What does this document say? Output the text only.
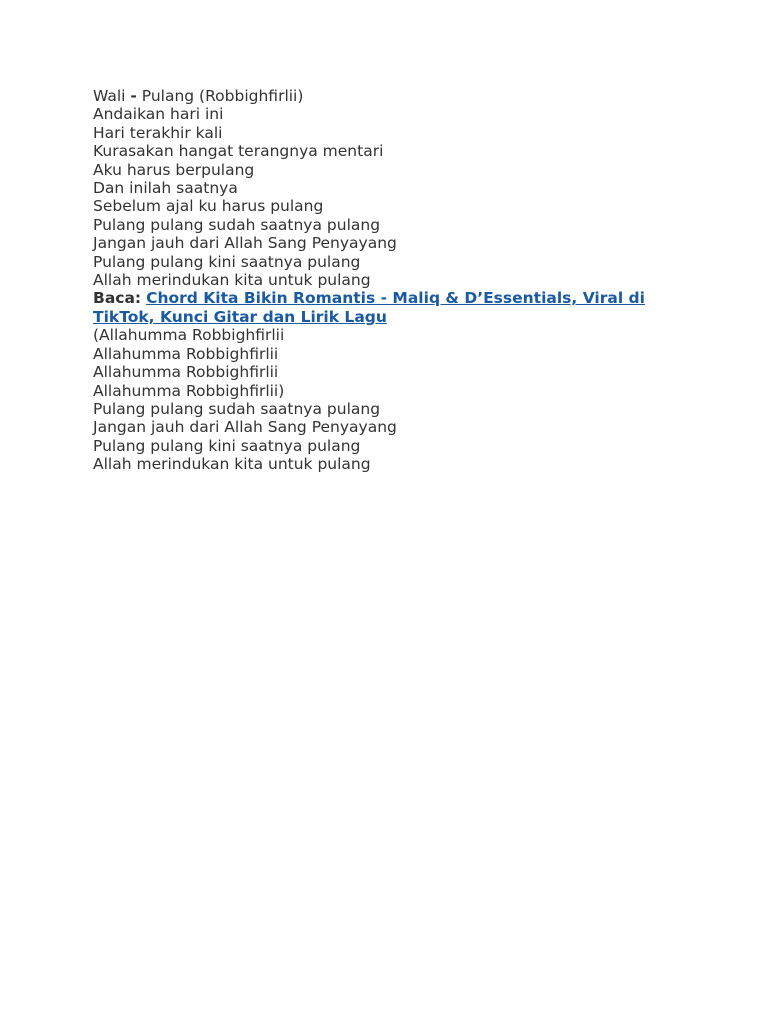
Wali - Pulang (Robbighfirlii)
Andaikan hari ini
Hari terakhir kali
Kurasakan hangat terangnya mentari
Aku harus berpulang
Dan inilah saatnya
Sebelum ajal ku harus pulang
Pulang pulang sudah saatnya pulang
Jangan jauh dari Allah Sang Penyayang
Pulang pulang kini saatnya pulang
Allah merindukan kita untuk pulang
Baca: Chord Kita Bikin Romantis - Maliq & D’Essentials, Viral di TikTok, Kunci Gitar dan Lirik Lagu
(Allahumma Robbighfirlii
Allahumma Robbighfirlii
Allahumma Robbighfirlii
Allahumma Robbighfirlii)
Pulang pulang sudah saatnya pulang
Jangan jauh dari Allah Sang Penyayang
Pulang pulang kini saatnya pulang
Allah merindukan kita untuk pulang
